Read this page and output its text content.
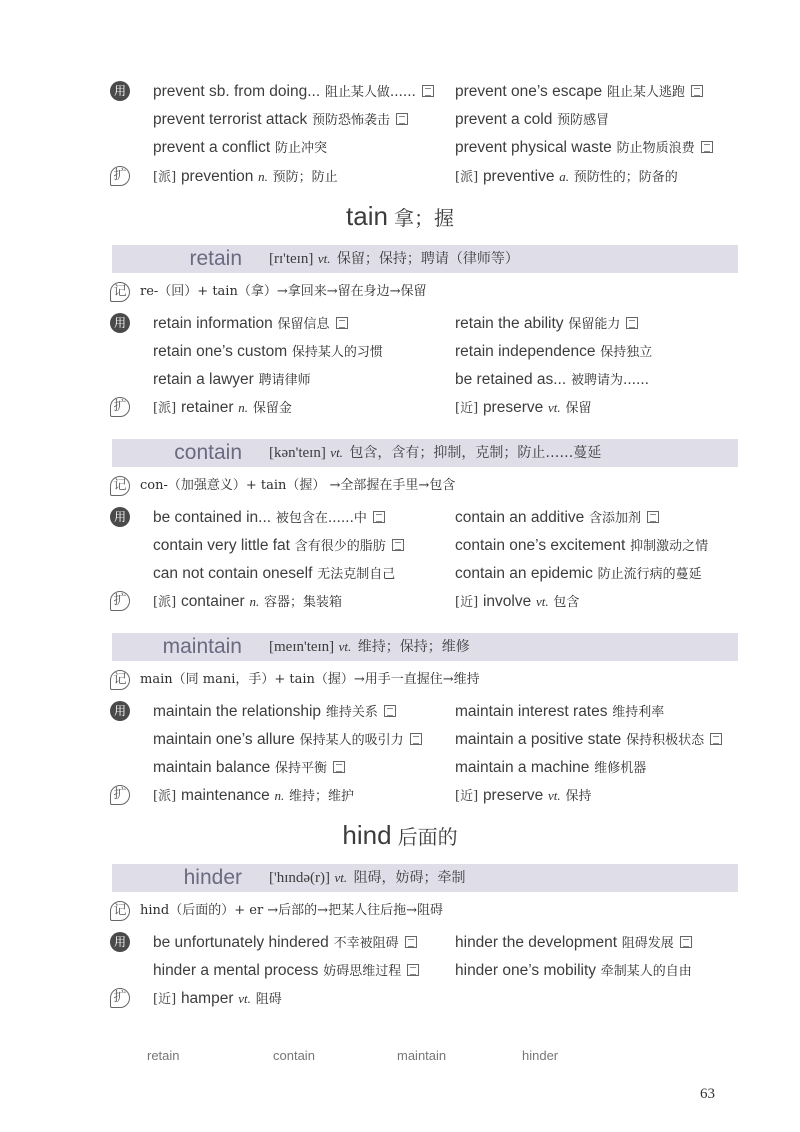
用 prevent sb. from doing... 阻止某人做……	prevent one’s escape 阻止某人逃跑
prevent terrorist attack 预防恐怖袭击	prevent a cold 预防感冒
prevent a conflict 防止冲突	prevent physical waste 防止物质浪费
扩 [派] prevention n. 预防；防止	[派] preventive a. 预防性的；防备的
tain 拿；握
retain	[rɪ'teɪn] vt. 保留；保持；聘请（律师等）
记 re-（回）+ tain（拿）→拿回来→留在身边→保留
用 retain information 保留信息	retain the ability 保留能力
retain one’s custom 保持某人的习惯	retain independence 保持独立
retain a lawyer 聘请律师	be retained as... 被聘请为……
扩 [派] retainer n. 保留金	[近] preserve vt. 保留
contain	[kən'teɪn] vt. 包含，含有；抑制，克制；防止……蔓延
记 con-（加强意义）+ tain（握） →全部握在手里→包含
用 be contained in... 被包含在……中	contain an additive 含添加剂
contain very little fat 含有很少的脂肪	contain one’s excitement 抑制激动之情
can not contain oneself 无法克制自己	contain an epidemic 防止流行病的蔓延
扩 [派] container n. 容器；集装箱	[近] involve vt. 包含
maintain	[meɪn'teɪn] vt. 维持；保持；维修
记 main（同 mani，手）+ tain（握）→用手一直握住→维持
用 maintain the relationship 维持关系	maintain interest rates 维持利率
maintain one’s allure 保持某人的吸引力	maintain a positive state 保持积极状态
maintain balance 保持平衡	maintain a machine 维修机器
扩 [派] maintenance n. 维持；维护	[近] preserve vt. 保持
hind 后面的
hinder	['hɪndə(r)] vt. 阻碍，妨碍；牵制
记 hind（后面的）+ er →后部的→把某人往后拖→阻碍
用 be unfortunately hindered 不幸被阻碍	hinder the development 阻碍发展
hinder a mental process 妨碍思维过程	hinder one’s mobility 牵制某人的自由
扩 [近] hamper vt. 阻碍
retain	contain	maintain	hinder
63
